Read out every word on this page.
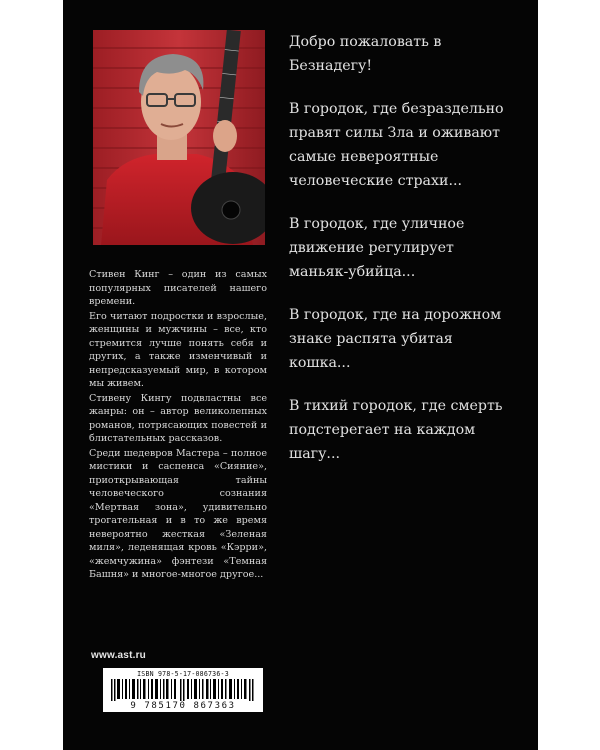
Стивен Кинг – один из самых популярных писателей нашего времени.

Его читают подростки и взрослые, женщины и мужчины – все, кто стремится лучше понять себя и других, а также изменчивый и непредсказуемый мир, в котором мы живем.

Стивену Кингу подвластны все жанры: он – автор великолепных романов, потрясающих повестей и блистательных рассказов.

Среди шедевров Мастера – полное мистики и саспенса «Сияние», приоткрывающая тайны человеческого сознания «Мертвая зона», удивительно трогательная и в то же время невероятно жесткая «Зеленая миля», леденящая кровь «Кэрри», «жемчужина» фэнтези «Темная Башня» и многое-многое другое...

www.ast.ru
ISBN 978-5-17-086736-3
9 785170 867363

Добро пожаловать в Безнадегу!

В городок, где безраздельно правят силы Зла и оживают самые невероятные человеческие страхи...

В городок, где уличное движение регулирует маньяк-убийца...

В городок, где на дорожном знаке распята убитая кошка...

В тихий городок, где смерть подстерегает на каждом шагу...
